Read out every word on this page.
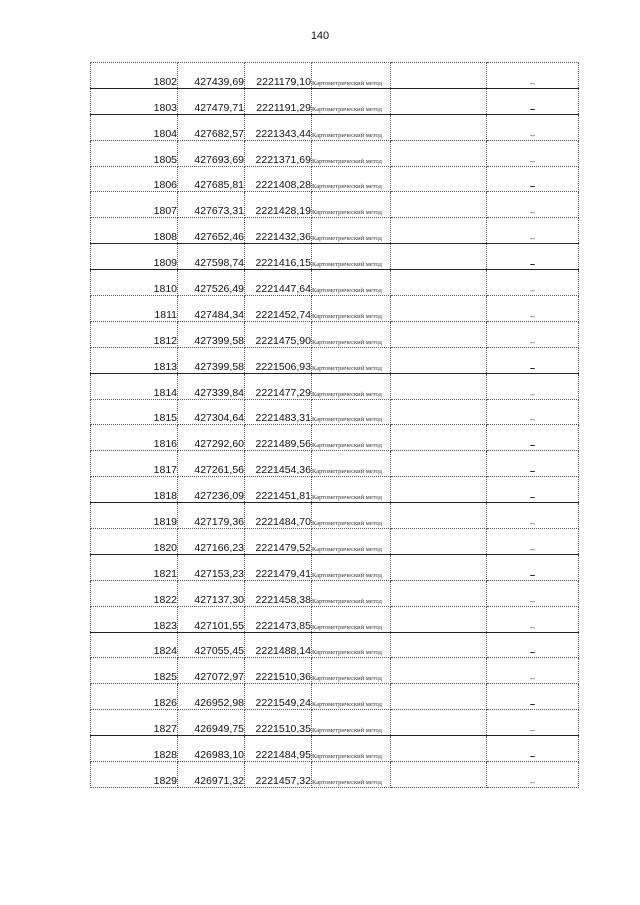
140
1802	427439,69	2221179,10	Картометрический метод		–
1803	427479,71	2221191,29	Картометрический метод		–
1804	427682,57	2221343,44	Картометрический метод		–
1805	427693,69	2221371,69	Картометрический метод		–
1806	427685,81	2221408,28	Картометрический метод		–
1807	427673,31	2221428,19	Картометрический метод		–
1808	427652,46	2221432,36	Картометрический метод		–
1809	427598,74	2221416,15	Картометрический метод		–
1810	427526,49	2221447,64	Картометрический метод		–
1811	427484,34	2221452,74	Картометрический метод		–
1812	427399,58	2221475,90	Картометрический метод		–
1813	427399,58	2221506,93	Картометрический метод		–
1814	427339,84	2221477,29	Картометрический метод		–
1815	427304,64	2221483,31	Картометрический метод		–
1816	427292,60	2221489,56	Картометрический метод		–
1817	427261,56	2221454,36	Картометрический метод		–
1818	427236,09	2221451,81	Картометрический метод		–
1819	427179,36	2221484,70	Картометрический метод		–
1820	427166,23	2221479,52	Картометрический метод		–
1821	427153,23	2221479,41	Картометрический метод		–
1822	427137,30	2221458,38	Картометрический метод		–
1823	427101,55	2221473,85	Картометрический метод		–
1824	427055,45	2221488,14	Картометрический метод		–
1825	427072,97	2221510,36	Картометрический метод		–
1826	426952,98	2221549,24	Картометрический метод		–
1827	426949,75	2221510,35	Картометрический метод		–
1828	426983,10	2221484,95	Картометрический метод		–
1829	426971,32	2221457,32	Картометрический метод		–
